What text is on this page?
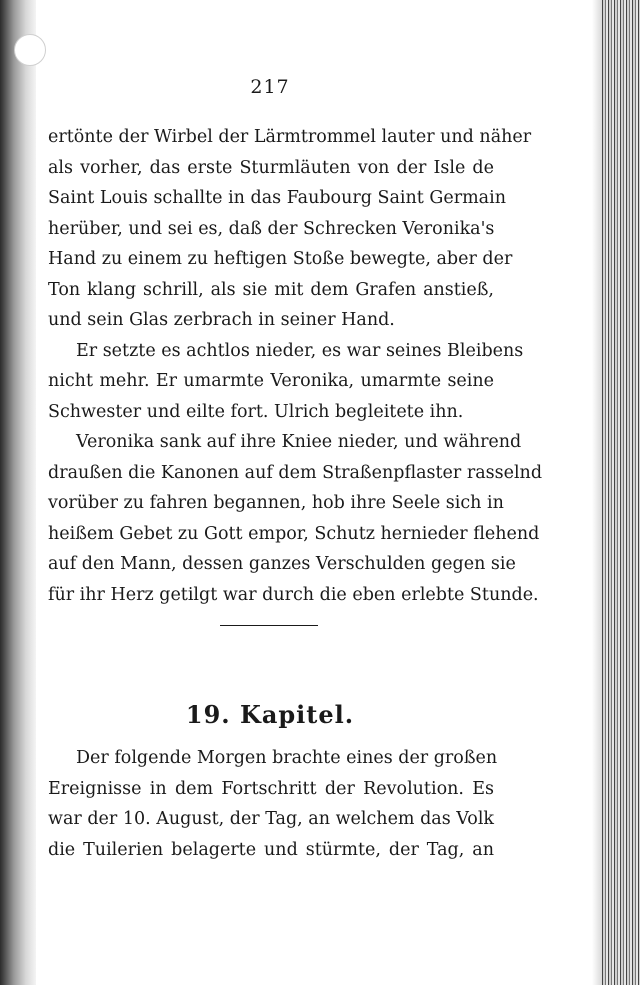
217
ertönte der Wirbel der Lärmtrommel lauter und näher
als vorher, das erste Sturmläuten von der Isle de
Saint Louis schallte in das Faubourg Saint Germain
herüber, und sei es, daß der Schrecken Veronika's
Hand zu einem zu heftigen Stoße bewegte, aber der
Ton klang schrill, als sie mit dem Grafen anstieß,
und sein Glas zerbrach in seiner Hand.
Er setzte es achtlos nieder, es war seines Bleibens
nicht mehr. Er umarmte Veronika, umarmte seine
Schwester und eilte fort. Ulrich begleitete ihn.
Veronika sank auf ihre Kniee nieder, und während
draußen die Kanonen auf dem Straßenpflaster rasselnd
vorüber zu fahren begannen, hob ihre Seele sich in
heißem Gebet zu Gott empor, Schutz hernieder flehend
auf den Mann, dessen ganzes Verschulden gegen sie
für ihr Herz getilgt war durch die eben erlebte Stunde.
19. Kapitel.
Der folgende Morgen brachte eines der großen
Ereignisse in dem Fortschritt der Revolution. Es
war der 10. August, der Tag, an welchem das Volk
die Tuilerien belagerte und stürmte, der Tag, an
